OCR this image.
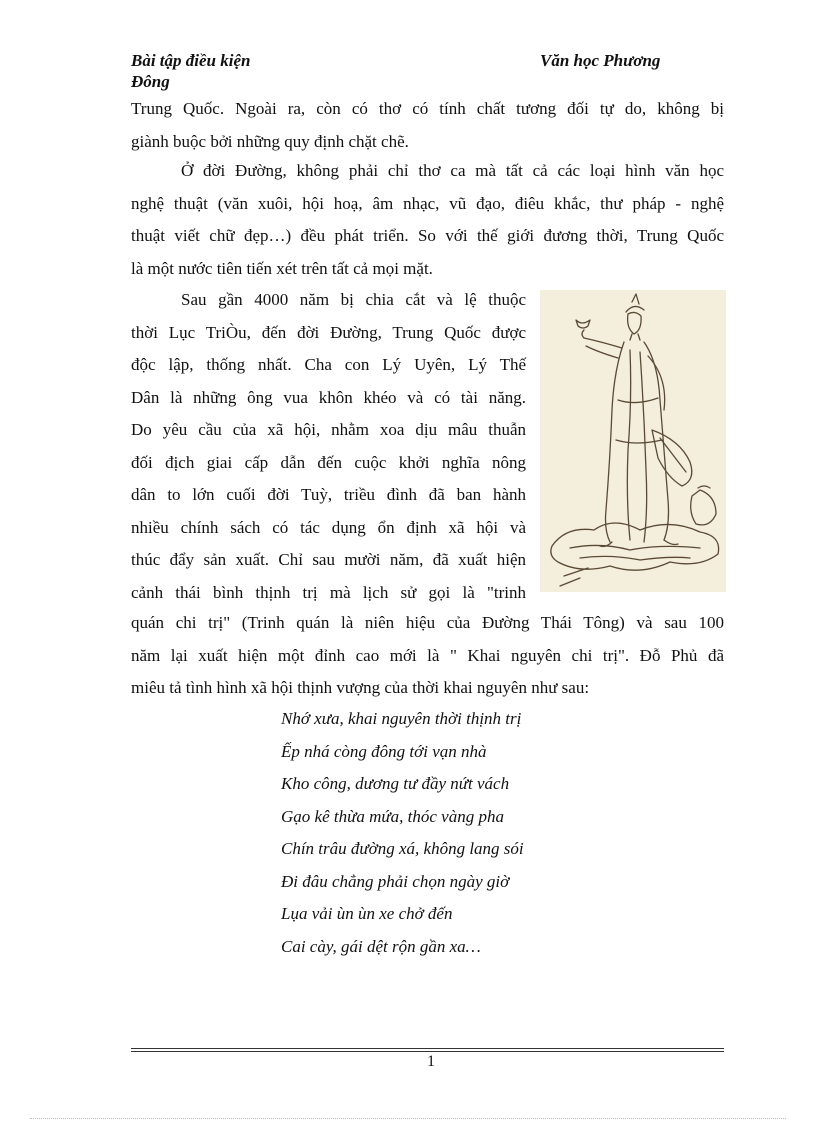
Bài tập điều kiện
Đông
Văn học Phương
Trung Quốc. Ngoài ra, còn có thơ có tính chất tương đối tự do, không bị
giành buộc bởi những quy định chặt chẽ.
Ở đời Đường, không phải chỉ thơ ca mà tất cả các loại hình văn học
nghệ thuật (văn xuôi, hội hoạ, âm nhạc, vũ đạo, điêu khắc, thư pháp - nghệ
thuật viết chữ đẹp…) đều phát triển. So với thế giới đương thời, Trung Quốc
là một nước tiên tiến xét trên tất cả mọi mặt.
Sau gần 4000 năm bị chia cắt và lệ thuộc
thời Lục TriÒu, đến đời Đường, Trung Quốc được
độc lập, thống nhất. Cha con Lý Uyên, Lý Thế
Dân là những ông vua khôn khéo và có tài năng.
Do yêu cầu của xã hội, nhằm xoa dịu mâu thuẫn
đối địch giai cấp dẫn đến cuộc khởi nghĩa nông
dân to lớn cuối đời Tuỳ, triều đình đã ban hành
nhiều chính sách có tác dụng ổn định xã hội và
thúc đẩy sản xuất. Chỉ sau mười năm, đã xuất hiện
cảnh thái bình thịnh trị mà lịch sử gọi là "trinh
quán chi trị" (Trinh quán là niên hiệu của Đường Thái Tông) và sau 100
năm lại xuất hiện một đỉnh cao mới là " Khai nguyên chi trị". Đỗ Phủ đã
miêu tả tình hình xã hội thịnh vượng của thời khai nguyên như sau:
Nhớ xưa, khai nguyên thời thịnh trị
Ếp nhá còng đông tới vạn nhà
Kho công, dương tư đầy nứt vách
Gạo kê thừa mứa, thóc vàng pha
Chín trâu đường xá, không lang sói
Đi đâu chẳng phải chọn ngày giờ
Lụa vải ùn ùn xe chở đến
Cai cày, gái dệt rộn gần xa…
1
